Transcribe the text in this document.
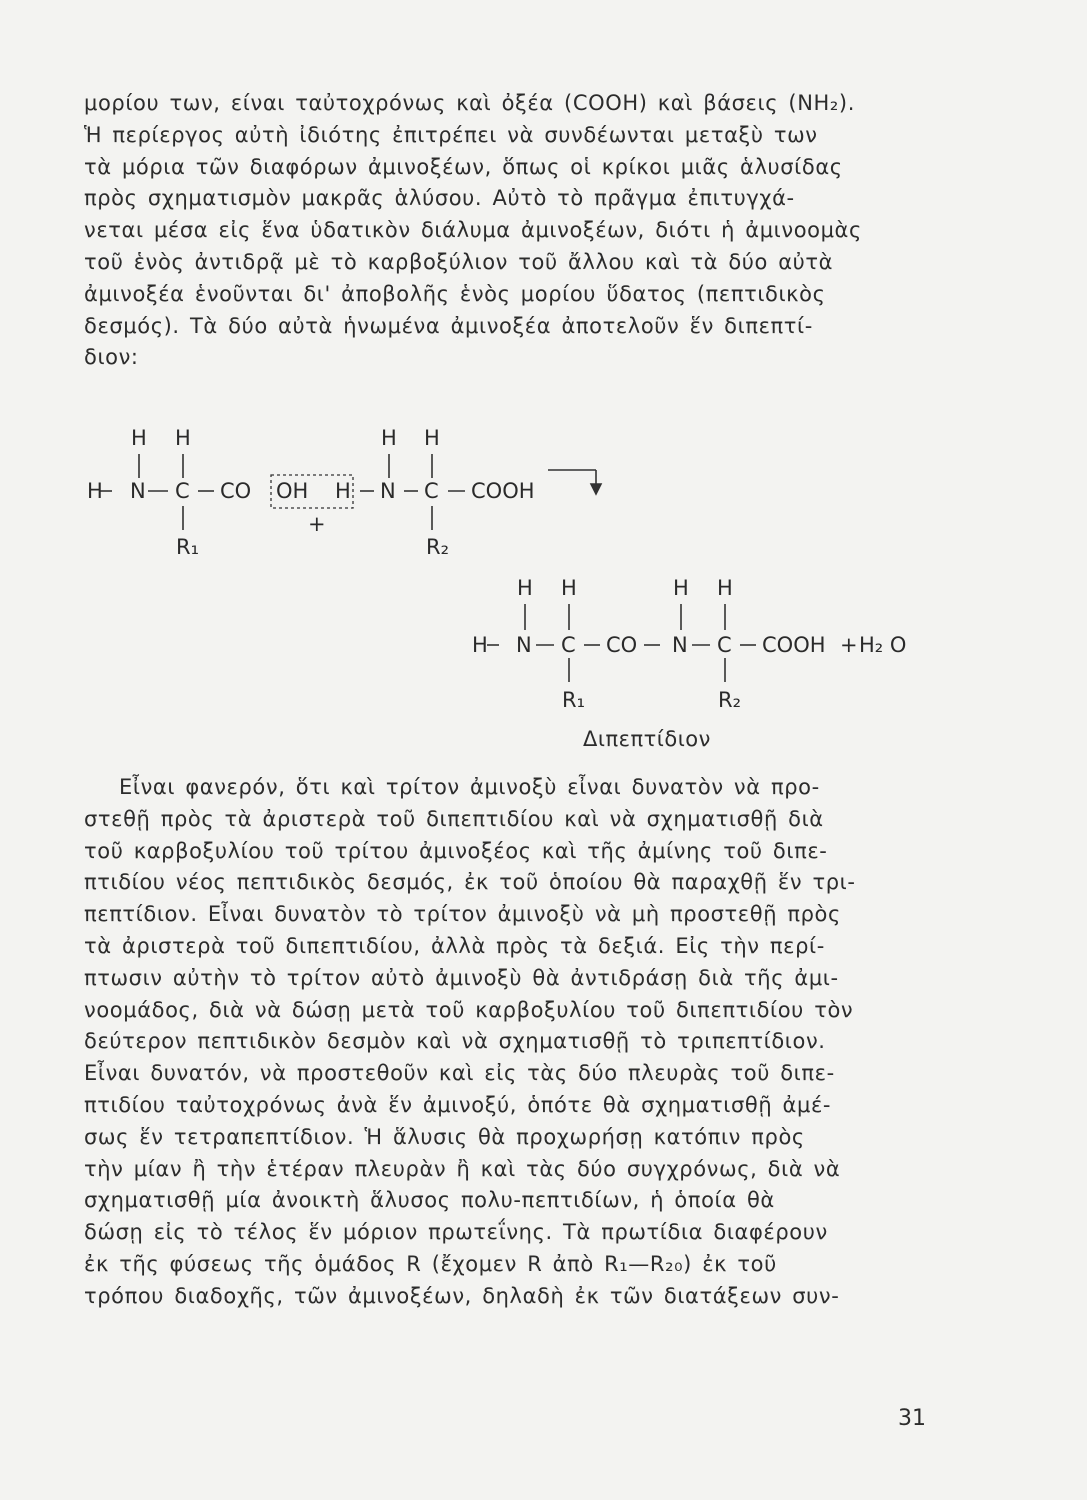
μορίου των, είναι ταὐτοχρόνως καὶ ὀξέα (COOH) καὶ βάσεις (NH₂).
Ἡ περίεργος αὐτὴ ἰδιότης ἐπιτρέπει νὰ συνδέωνται μεταξὺ των
τὰ μόρια τῶν διαφόρων ἀμινοξέων, ὅπως οἱ κρίκοι μιᾶς ἁλυσίδας
πρὸς σχηματισμὸν μακρᾶς ἁλύσου. Αὐτὸ τὸ πρᾶγμα ἐπιτυγχά-
νεται μέσα εἰς ἕνα ὑδατικὸν διάλυμα ἀμινοξέων, διότι ἡ ἀμινοομὰς
τοῦ ἑνὸς ἀντιδρᾷ μὲ τὸ καρβοξύλιον τοῦ ἄλλου καὶ τὰ δύο αὐτὰ
ἀμινοξέα ἑνοῦνται δι' ἀποβολῆς ἑνὸς μορίου ὕδατος (πεπτιδικὸς
δεσμός). Τὰ δύο αὐτὰ ἡνωμένα ἀμινοξέα ἀποτελοῦν ἕν διπεπτί-
διον:
H H	H H
H N C CO OH H N C COOH
+
R₁	R₂
H H	H H
H N C CO N C COOH + H₂ O
R₁	R₂
Διπεπτίδιον
Εἶναι φανερόν, ὅτι καὶ τρίτον ἀμινοξὺ εἶναι δυνατὸν νὰ προ-
στεθῇ πρὸς τὰ ἀριστερὰ τοῦ διπεπτιδίου καὶ νὰ σχηματισθῇ διὰ
τοῦ καρβοξυλίου τοῦ τρίτου ἀμινοξέος καὶ τῆς ἀμίνης τοῦ διπε-
πτιδίου νέος πεπτιδικὸς δεσμός, ἐκ τοῦ ὁποίου θὰ παραχθῇ ἕν τρι-
πεπτίδιον. Εἶναι δυνατὸν τὸ τρίτον ἀμινοξὺ νὰ μὴ προστεθῇ πρὸς
τὰ ἀριστερὰ τοῦ διπεπτιδίου, ἀλλὰ πρὸς τὰ δεξιά. Εἰς τὴν περί-
πτωσιν αὐτὴν τὸ τρίτον αὐτὸ ἀμινοξὺ θὰ ἀντιδράσῃ διὰ τῆς ἀμι-
νοομάδος, διὰ νὰ δώσῃ μετὰ τοῦ καρβοξυλίου τοῦ διπεπτιδίου τὸν
δεύτερον πεπτιδικὸν δεσμὸν καὶ νὰ σχηματισθῇ τὸ τριπεπτίδιον.
Εἶναι δυνατόν, νὰ προστεθοῦν καὶ εἰς τὰς δύο πλευρὰς τοῦ διπε-
πτιδίου ταὐτοχρόνως ἀνὰ ἕν ἀμινοξύ, ὁπότε θὰ σχηματισθῇ ἀμέ-
σως ἕν τετραπεπτίδιον. Ἡ ἅλυσις θὰ προχωρήσῃ κατόπιν πρὸς
τὴν μίαν ἢ τὴν ἑτέραν πλευρὰν ἢ καὶ τὰς δύο συγχρόνως, διὰ νὰ
σχηματισθῇ μία ἀνοικτὴ ἅλυσος πολυ-πεπτιδίων, ἡ ὁποία θὰ
δώσῃ εἰς τὸ τέλος ἕν μόριον πρωτεΐνης. Τὰ πρωτίδια διαφέρουν
ἐκ τῆς φύσεως τῆς ὁμάδος R (ἔχομεν R ἀπὸ R₁—R₂₀) ἐκ τοῦ
τρόπου διαδοχῆς, τῶν ἀμινοξέων, δηλαδὴ ἐκ τῶν διατάξεων συν-
31
